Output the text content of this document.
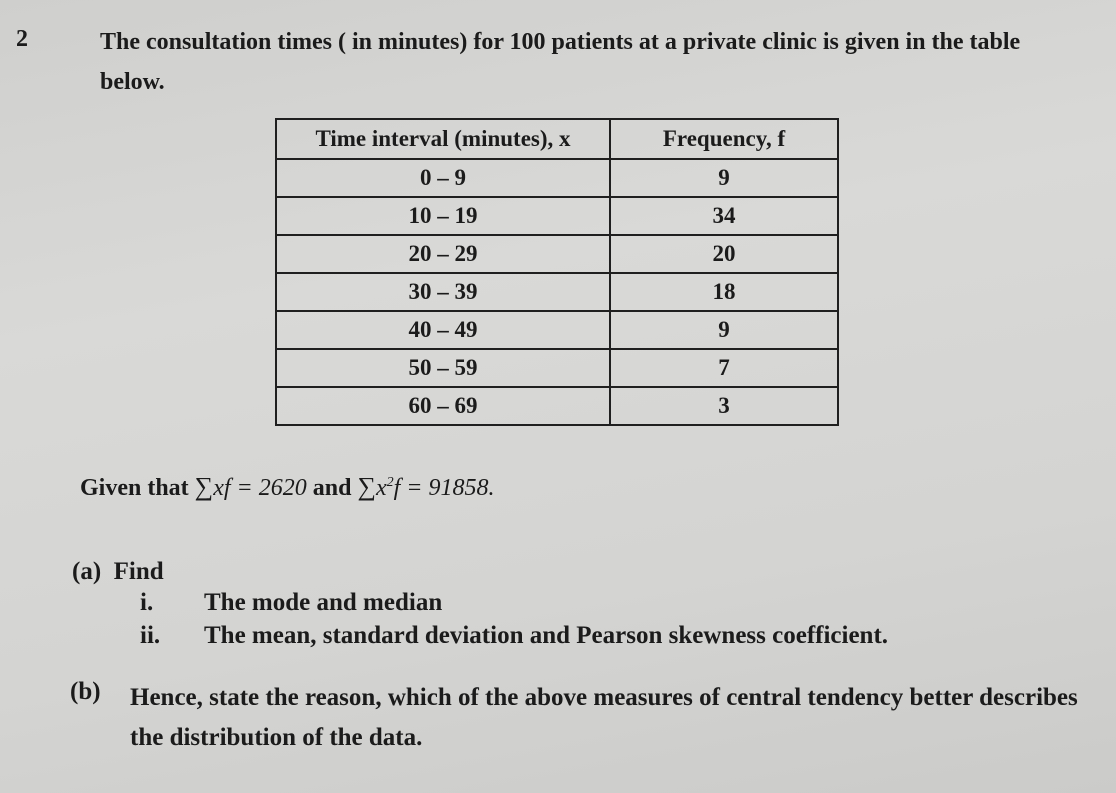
2	The consultation times ( in minutes) for 100 patients at a private clinic is given in the table below.
Time interval (minutes), x	Frequency, f
0 – 9	9
10 – 19	34
20 – 29	20
30 – 39	18
40 – 49	9
50 – 59	7
60 – 69	3
Given that ∑xf = 2620 and $\sum x^2f = 91858$.
(a) Find
i. The mode and median
ii. The mean, standard deviation and Pearson skewness coefficient.
(b) Hence, state the reason, which of the above measures of central tendency better describes the distribution of the data.
